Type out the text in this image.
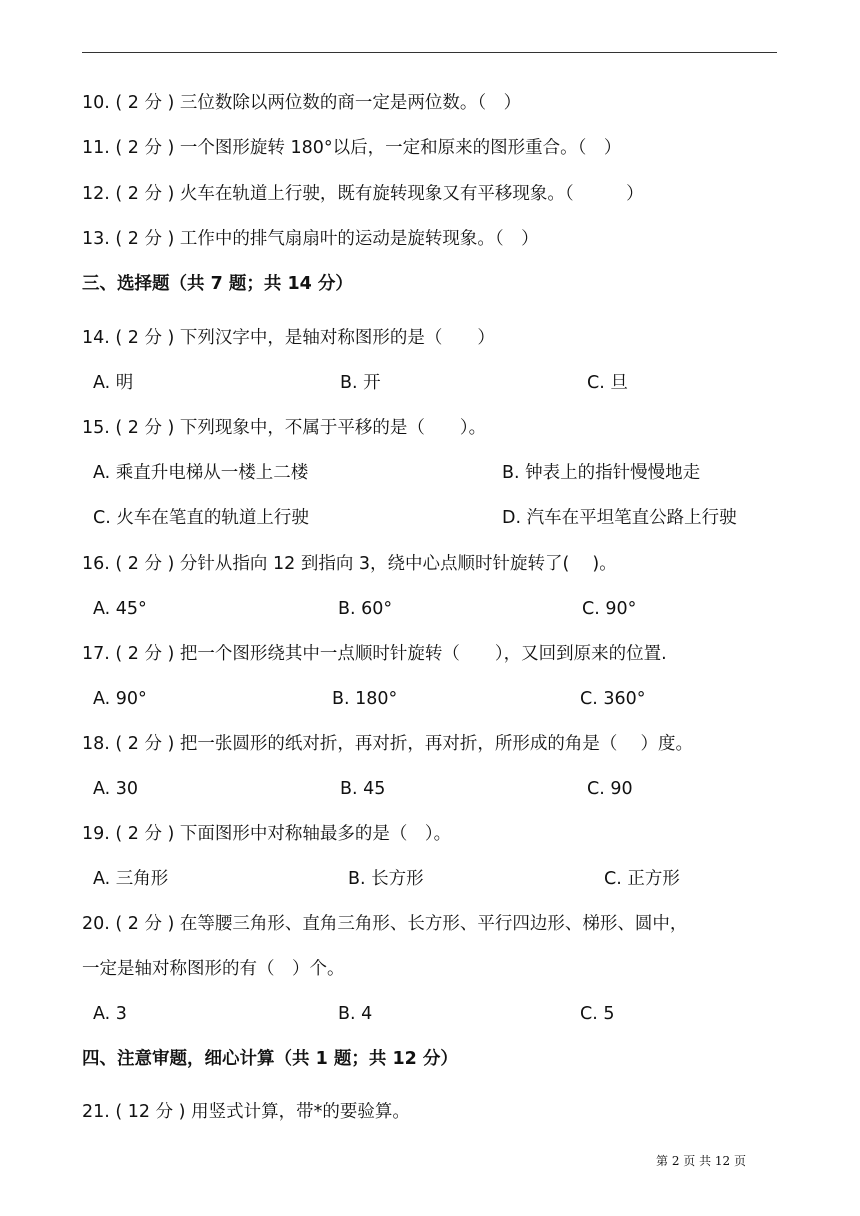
10. ( 2 分 ) 三位数除以两位数的商一定是两位数。（　）
11. ( 2 分 ) 一个图形旋转 180°以后，一定和原来的图形重合。（　）
12. ( 2 分 ) 火车在轨道上行驶，既有旋转现象又有平移现象。（　　　）
13. ( 2 分 ) 工作中的排气扇扇叶的运动是旋转现象。（　）
三、选择题（共 7 题；共 14 分）
14. ( 2 分 ) 下列汉字中，是轴对称图形的是（　　）
A. 明	B. 开	C. 旦
15. ( 2 分 ) 下列现象中，不属于平移的是（　　）。
A. 乘直升电梯从一楼上二楼	B. 钟表上的指针慢慢地走
C. 火车在笔直的轨道上行驶	D. 汽车在平坦笔直公路上行驶
16. ( 2 分 ) 分针从指向 12 到指向 3，绕中心点顺时针旋转了(　 )。
A. 45°	B. 60°	C. 90°
17. ( 2 分 ) 把一个图形绕其中一点顺时针旋转（　　），又回到原来的位置.
A. 90°	B. 180°	C. 360°
18. ( 2 分 ) 把一张圆形的纸对折，再对折，再对折，所形成的角是（　 ）度。
A. 30	B. 45	C. 90
19. ( 2 分 ) 下面图形中对称轴最多的是（　）。
A. 三角形	B. 长方形	C. 正方形
20. ( 2 分 ) 在等腰三角形、直角三角形、长方形、平行四边形、梯形、圆中，
一定是轴对称图形的有（　）个。
A. 3	B. 4	C. 5
四、注意审题，细心计算（共 1 题；共 12 分）
21. ( 12 分 ) 用竖式计算，带*的要验算。
第 2 页 共 12 页
